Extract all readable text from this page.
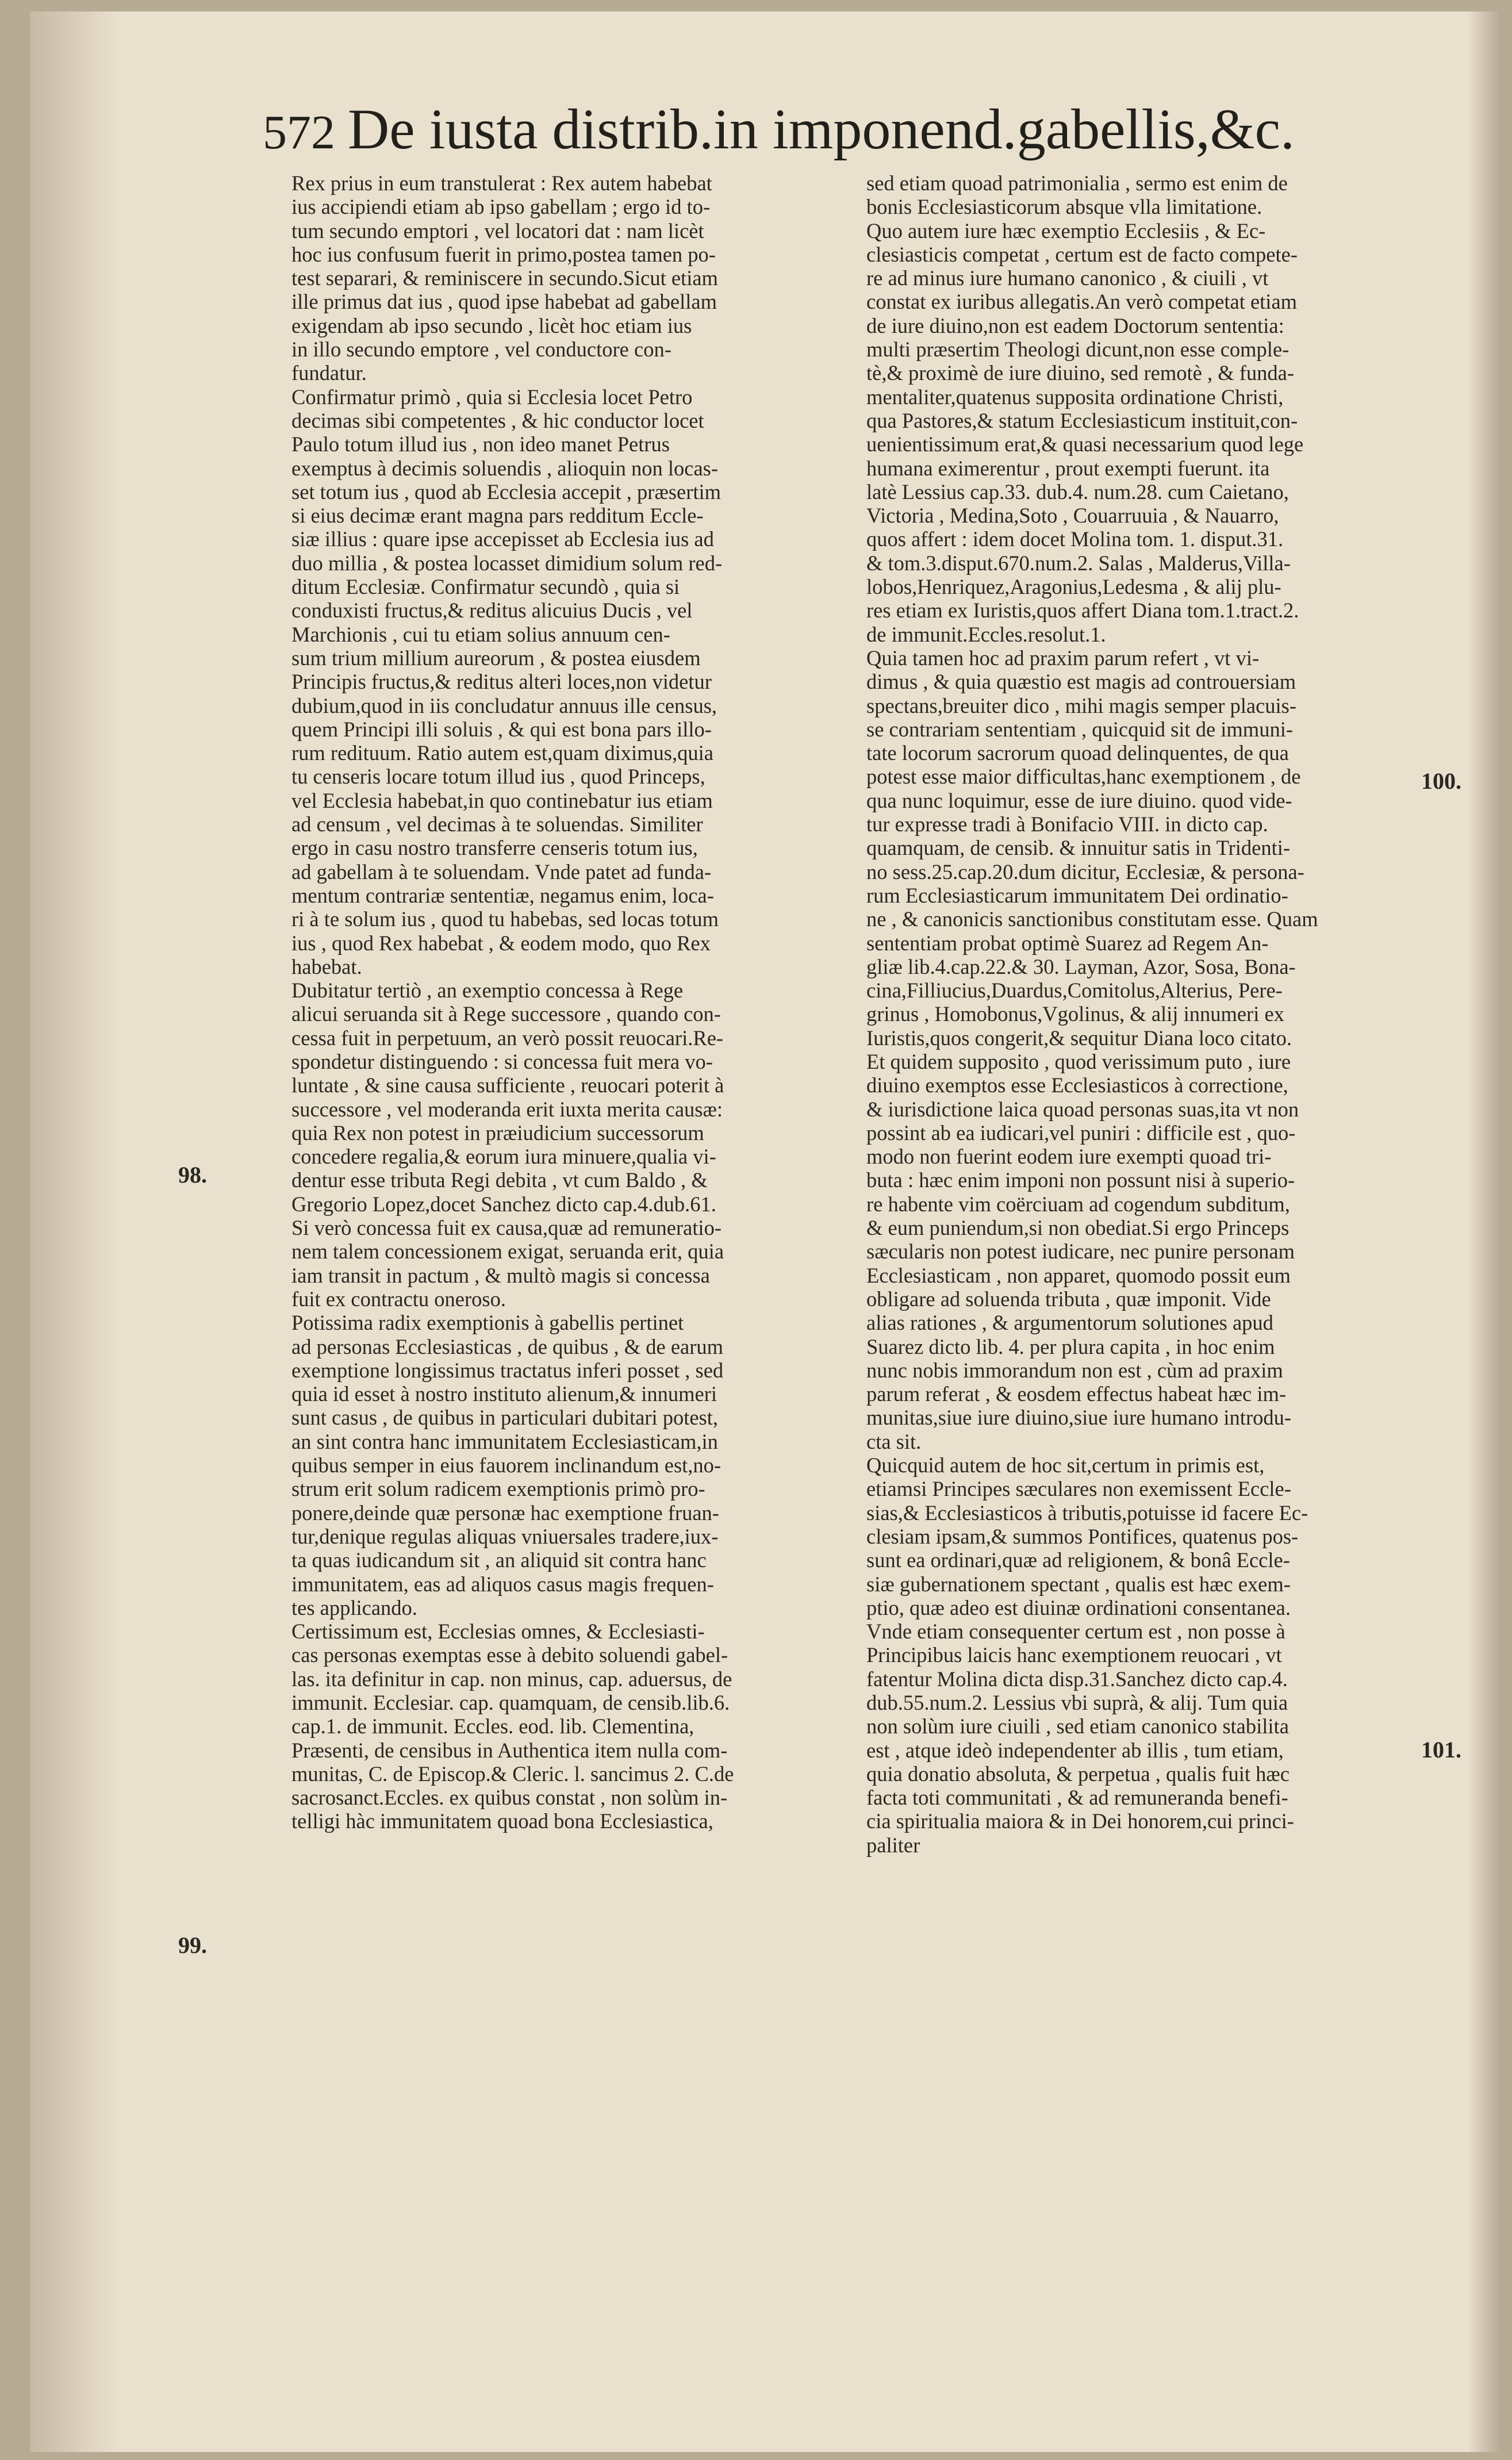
572 De iusta distrib.in imponend.gabellis,&c.
Rex prius in eum transtulerat : Rex autem habebat
ius accipiendi etiam ab ipso gabellam ; ergo id to-
tum secundo emptori , vel locatori dat : nam licèt
hoc ius confusum fuerit in primo,postea tamen po-
test separari, & reminiscere in secundo.Sicut etiam
ille primus dat ius , quod ipse habebat ad gabellam
exigendam ab ipso secundo , licèt hoc etiam ius
in illo secundo emptore , vel conductore con-
fundatur.
Confirmatur primò , quia si Ecclesia locet Petro
decimas sibi competentes , & hic conductor locet
Paulo totum illud ius , non ideo manet Petrus
exemptus à decimis soluendis , alioquin non locas-
set totum ius , quod ab Ecclesia accepit , præsertim
si eius decimæ erant magna pars redditum Eccle-
siæ illius : quare ipse accepisset ab Ecclesia ius ad
duo millia , & postea locasset dimidium solum red-
ditum Ecclesiæ. Confirmatur secundò , quia si
conduxisti fructus,& reditus alicuius Ducis , vel
Marchionis , cui tu etiam solius annuum cen-
sum trium millium aureorum , & postea eiusdem
Principis fructus,& reditus alteri loces,non videtur
dubium,quod in iis concludatur annuus ille census,
quem Principi illi soluis , & qui est bona pars illo-
rum redituum. Ratio autem est,quam diximus,quia
tu censeris locare totum illud ius , quod Princeps,
vel Ecclesia habebat,in quo continebatur ius etiam
ad censum , vel decimas à te soluendas. Similiter
ergo in casu nostro transferre censeris totum ius,
ad gabellam à te soluendam. Vnde patet ad funda-
mentum contrariæ sententiæ, negamus enim, loca-
ri à te solum ius , quod tu habebas, sed locas totum
ius , quod Rex habebat , & eodem modo, quo Rex
habebat.
Dubitatur tertiò , an exemptio concessa à Rege
alicui seruanda sit à Rege successore , quando con-
cessa fuit in perpetuum, an verò possit reuocari.Re-
spondetur distinguendo : si concessa fuit mera vo-
luntate , & sine causa sufficiente , reuocari poterit à
successore , vel moderanda erit iuxta merita causæ:
quia Rex non potest in præiudicium successorum
concedere regalia,& eorum iura minuere,qualia vi-
dentur esse tributa Regi debita , vt cum Baldo , &
Gregorio Lopez,docet Sanchez dicto cap.4.dub.61.
Si verò concessa fuit ex causa,quæ ad remuneratio-
nem talem concessionem exigat, seruanda erit, quia
iam transit in pactum , & multò magis si concessa
fuit ex contractu oneroso.
Potissima radix exemptionis à gabellis pertinet
ad personas Ecclesiasticas , de quibus , & de earum
exemptione longissimus tractatus inferi posset , sed
quia id esset à nostro instituto alienum,& innumeri
sunt casus , de quibus in particulari dubitari potest,
an sint contra hanc immunitatem Ecclesiasticam,in
quibus semper in eius fauorem inclinandum est,no-
strum erit solum radicem exemptionis primò pro-
ponere,deinde quæ personæ hac exemptione fruan-
tur,denique regulas aliquas vniuersales tradere,iux-
ta quas iudicandum sit , an aliquid sit contra hanc
immunitatem, eas ad aliquos casus magis frequen-
tes applicando.
Certissimum est, Ecclesias omnes, & Ecclesiasti-
cas personas exemptas esse à debito soluendi gabel-
las. ita definitur in cap. non minus, cap. aduersus, de
immunit. Ecclesiar. cap. quamquam, de censib.lib.6.
cap.1. de immunit. Eccles. eod. lib. Clementina,
Præsenti, de censibus in Authentica item nulla com-
munitas, C. de Episcop.& Cleric. l. sancimus 2. C.de
sacrosanct.Eccles. ex quibus constat , non solùm in-
telligi hàc immunitatem quoad bona Ecclesiastica,
sed etiam quoad patrimonialia , sermo est enim de
bonis Ecclesiasticorum absque vlla limitatione.
Quo autem iure hæc exemptio Ecclesiis , & Ec-
clesiasticis competat , certum est de facto compete-
re ad minus iure humano canonico , & ciuili , vt
constat ex iuribus allegatis.An verò competat etiam
de iure diuino,non est eadem Doctorum sententia:
multi præsertim Theologi dicunt,non esse comple-
tè,& proximè de iure diuino, sed remotè , & funda-
mentaliter,quatenus supposita ordinatione Christi,
qua Pastores,& statum Ecclesiasticum instituit,con-
uenientissimum erat,& quasi necessarium quod lege
humana eximerentur , prout exempti fuerunt. ita
latè Lessius cap.33. dub.4. num.28. cum Caietano,
Victoria , Medina,Soto , Couarruuia , & Nauarro,
quos affert : idem docet Molina tom. 1. disput.31.
& tom.3.disput.670.num.2. Salas , Malderus,Villa-
lobos,Henriquez,Aragonius,Ledesma , & alij plu-
res etiam ex Iuristis,quos affert Diana tom.1.tract.2.
de immunit.Eccles.resolut.1.
Quia tamen hoc ad praxim parum refert , vt vi-
dimus , & quia quæstio est magis ad controuersiam
spectans,breuiter dico , mihi magis semper placuis-
se contrariam sententiam , quicquid sit de immuni-
tate locorum sacrorum quoad delinquentes, de qua
potest esse maior difficultas,hanc exemptionem , de
qua nunc loquimur, esse de iure diuino. quod vide-
tur expresse tradi à Bonifacio VIII. in dicto cap.
quamquam, de censib. & innuitur satis in Tridenti-
no sess.25.cap.20.dum dicitur, Ecclesiæ, & persona-
rum Ecclesiasticarum immunitatem Dei ordinatio-
ne , & canonicis sanctionibus constitutam esse. Quam
sententiam probat optimè Suarez ad Regem An-
gliæ lib.4.cap.22.& 30. Layman, Azor, Sosa, Bona-
cina,Filliucius,Duardus,Comitolus,Alterius, Pere-
grinus , Homobonus,Vgolinus, & alij innumeri ex
Iuristis,quos congerit,& sequitur Diana loco citato.
Et quidem supposito , quod verissimum puto , iure
diuino exemptos esse Ecclesiasticos à correctione,
& iurisdictione laica quoad personas suas,ita vt non
possint ab ea iudicari,vel puniri : difficile est , quo-
modo non fuerint eodem iure exempti quoad tri-
buta : hæc enim imponi non possunt nisi à superio-
re habente vim coërciuam ad cogendum subditum,
& eum puniendum,si non obediat.Si ergo Princeps
sæcularis non potest iudicare, nec punire personam
Ecclesiasticam , non apparet, quomodo possit eum
obligare ad soluenda tributa , quæ imponit. Vide
alias rationes , & argumentorum solutiones apud
Suarez dicto lib. 4. per plura capita , in hoc enim
nunc nobis immorandum non est , cùm ad praxim
parum referat , & eosdem effectus habeat hæc im-
munitas,siue iure diuino,siue iure humano introdu-
cta sit.
Quicquid autem de hoc sit,certum in primis est,
etiamsi Principes sæculares non exemissent Eccle-
sias,& Ecclesiasticos à tributis,potuisse id facere Ec-
clesiam ipsam,& summos Pontifices, quatenus pos-
sunt ea ordinari,quæ ad religionem, & bonâ Eccle-
siæ gubernationem spectant , qualis est hæc exem-
ptio, quæ adeo est diuinæ ordinationi consentanea.
Vnde etiam consequenter certum est , non posse à
Principibus laicis hanc exemptionem reuocari , vt
fatentur Molina dicta disp.31.Sanchez dicto cap.4.
dub.55.num.2. Lessius vbi suprà, & alij. Tum quia
non solùm iure ciuili , sed etiam canonico stabilita
est , atque ideò independenter ab illis , tum etiam,
quia donatio absoluta, & perpetua , qualis fuit hæc
facta toti communitati , & ad remuneranda benefi-
cia spiritualia maiora & in Dei honorem,cui princi-
paliter
98.
99.
100.
101.
